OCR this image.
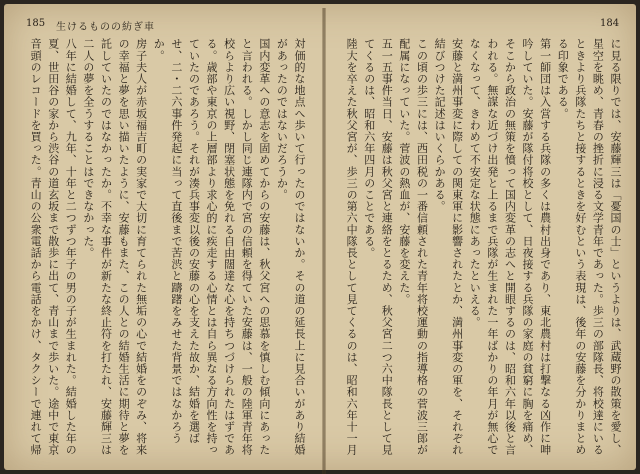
185 生けるものの紡ぎ車

対価的な地点へ歩いて行ったのではないか。その道の延長上に見合いがあり結婚があったのではないだろうか。

国内変革への意志を固めてからの安藤は、秋父宮への思慕を慎しむ傾向にあったと言われる。しかし同じ連隊内で宮の信頼を得ていた安藤は、一般の陸軍青年将校らより広い視野、閉塞状態を免れる自由闊達な心を持ちつづけられたはずである。歳部や東京の上層部より求心的に疾走する心情とは自ら異なる方向性を持っていたのであろう。それが湊兵事変以後の安藤の心を支えた故か、結婚を選ばせ、二・二六事件発起に当って直後まで苦渋と躊躇をみせた背景ではなかろうか。

房子夫人が赤坂福吉町の実家で大切に育てられた無垢の心で結婚をのぞみ、将来の幸福と夢を思い描いたように、安藤もまた、この人との結婚生活に期待と夢を託していたのではなかったか。不幸な事件が新たな終止符を打たれ、安藤輝三は二人の夢を全うすることはできなかった。

八年に結婚して、九年、十年と二つずつ年子の男の子が生まれた。結婚した年の夏、世田谷の家から渋谷の道玄坂まで散歩に出て、青山まで歩いた。途中で東京音頭のレコードを買った。青山の公衆電話から電話をかけ、タクシーで連れて帰

184

に見る限りでは、安藤輝三は「憂国の士」というよりは、武蔵野の散策を愛し、星空を眺め、青春の挫折に浸る文学青年であった。歩三の部隊長、将校達にいるときより兵隊たちと接するときを好むという表現は、後年の安藤を分かりまとめる印象である。

第一師団は入営する兵隊の多くは農村出身であり、東北農村は打撃なる凶作に呻吟していた。安藤が隊付将校として、日夜接する兵隊の家庭の貧窮に胸を痛め、そこから政治の無策を憤って国内変革の志へと開眼するのは、昭和六年以後と言われる。無謀な近づけ出発と上るまで兵隊が生まれた一年ばかりの年月が無心でなくなって、きわめて不安定な状態にあったといえる。

安藤と満州事変に際しての関東軍に影響されたとか、満州事変の軍を、それぞれ結びつけた記述はいくらかある。

この頃の歩三には、西田税の一番信頼された青年将校運動の指導格の菅波三郎が配属になっていた。菅波の熱血が、安藤を変えた。

五一五事件当日、安藤は秋父宮と連絡をとるため、秋父宮二つ六中隊長として見てくるのは、昭和六年四月のことである。

陸大を卒えた秋父宮が、歩三の第六中隊長として見てくるのは、昭和六年十一月
